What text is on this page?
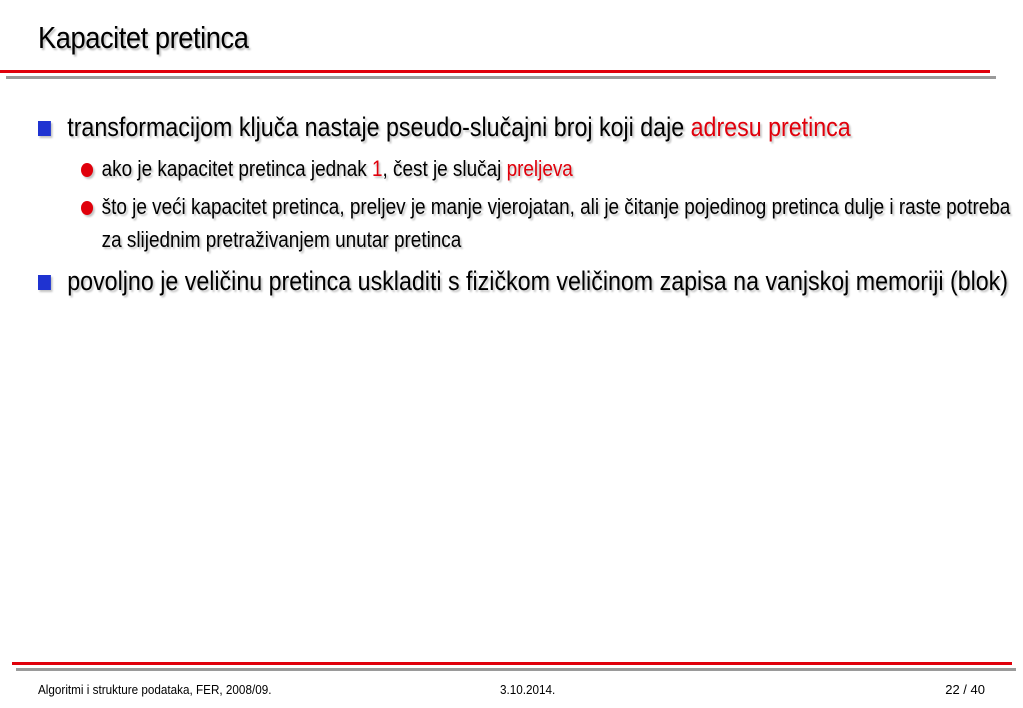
Kapacitet pretinca
transformacijom ključa nastaje pseudo-slučajni broj koji daje adresu pretinca
ako je kapacitet pretinca jednak 1, čest je slučaj preljeva
što je veći kapacitet pretinca, preljev je manje vjerojatan, ali je čitanje pojedinog pretinca dulje i raste potreba za slijednim pretraživanjem unutar pretinca
povoljno je veličinu pretinca uskladiti s fizičkom veličinom zapisa na vanjskoj memoriji (blok)
Algoritmi i strukture podataka, FER, 2008/09.	3.10.2014.	22 / 40
